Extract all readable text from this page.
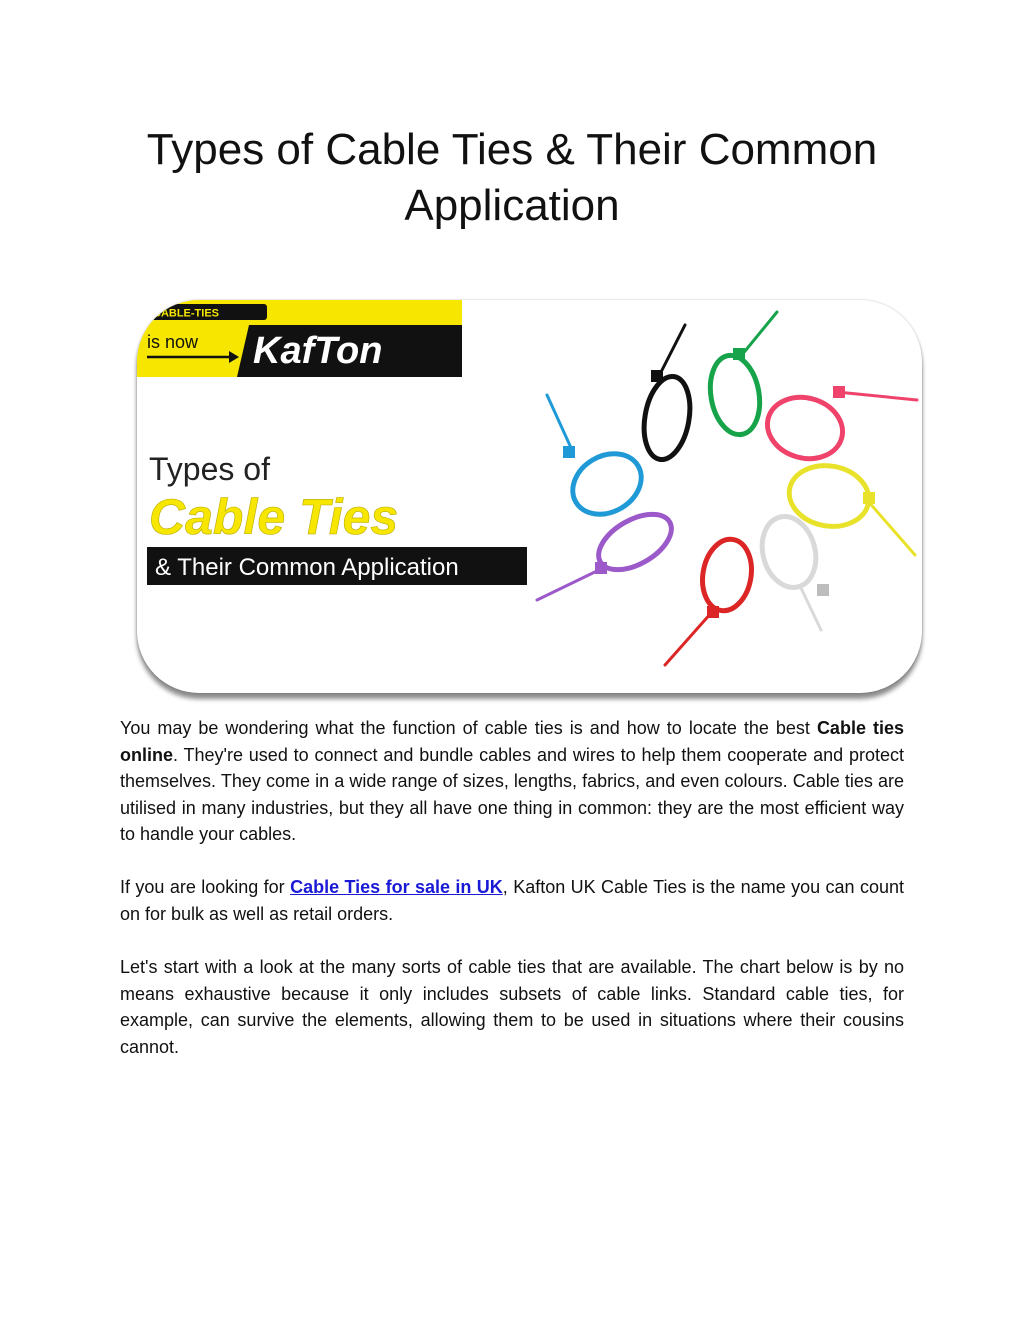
Types of Cable Ties & Their Common Application
CABLE-TIES
is now KafTon
Types of
Cable Ties
& Their Common Application

You may be wondering what the function of cable ties is and how to locate the best Cable ties online. They're used to connect and bundle cables and wires to help them cooperate and protect themselves. They come in a wide range of sizes, lengths, fabrics, and even colours. Cable ties are utilised in many industries, but they all have one thing in common: they are the most efficient way to handle your cables.

If you are looking for Cable Ties for sale in UK, Kafton UK Cable Ties is the name you can count on for bulk as well as retail orders.

Let's start with a look at the many sorts of cable ties that are available. The chart below is by no means exhaustive because it only includes subsets of cable links. Standard cable ties, for example, can survive the elements, allowing them to be used in situations where their cousins cannot.
